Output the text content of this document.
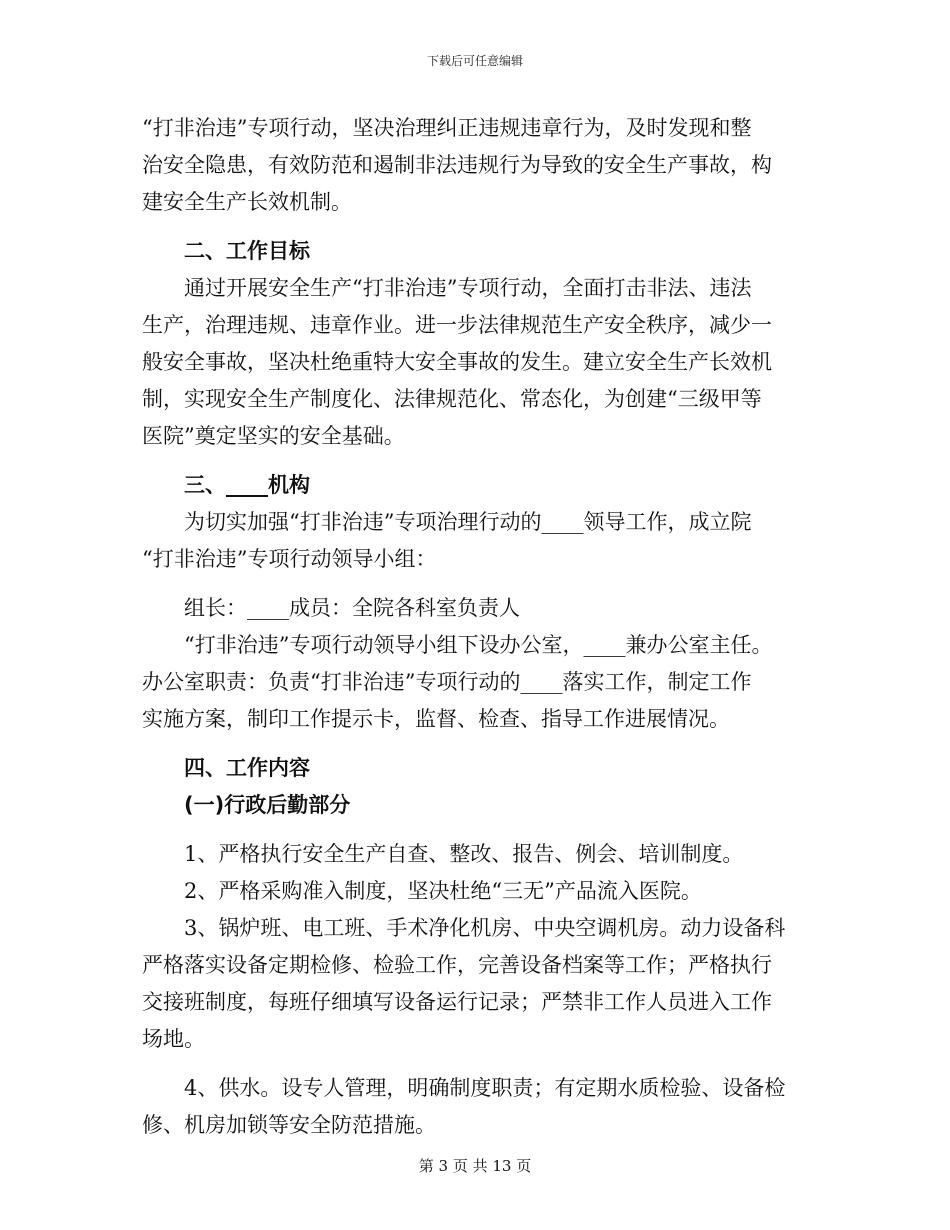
下载后可任意编辑
“打非治违”专项行动，坚决治理纠正违规违章行为，及时发现和整
治安全隐患，有效防范和遏制非法违规行为导致的安全生产事故，构
建安全生产长效机制。
二、工作目标
通过开展安全生产“打非治违”专项行动，全面打击非法、违法
生产，治理违规、违章作业。进一步法律规范生产安全秩序，减少一
般安全事故，坚决杜绝重特大安全事故的发生。建立安全生产长效机
制，实现安全生产制度化、法律规范化、常态化，为创建“三级甲等
医院”奠定坚实的安全基础。
三、____机构
为切实加强“打非治违”专项治理行动的____领导工作，成立院
“打非治违”专项行动领导小组：
组长：____成员：全院各科室负责人
“打非治违”专项行动领导小组下设办公室，____兼办公室主任。
办公室职责：负责“打非治违”专项行动的____落实工作，制定工作
实施方案，制印工作提示卡，监督、检查、指导工作进展情况。
四、工作内容
(一)行政后勤部分
1、严格执行安全生产自查、整改、报告、例会、培训制度。
2、严格采购准入制度，坚决杜绝“三无”产品流入医院。
3、锅炉班、电工班、手术净化机房、中央空调机房。动力设备科
严格落实设备定期检修、检验工作，完善设备档案等工作；严格执行
交接班制度，每班仔细填写设备运行记录；严禁非工作人员进入工作
场地。
4、供水。设专人管理，明确制度职责；有定期水质检验、设备检
修、机房加锁等安全防范措施。
第 3 页 共 13 页
